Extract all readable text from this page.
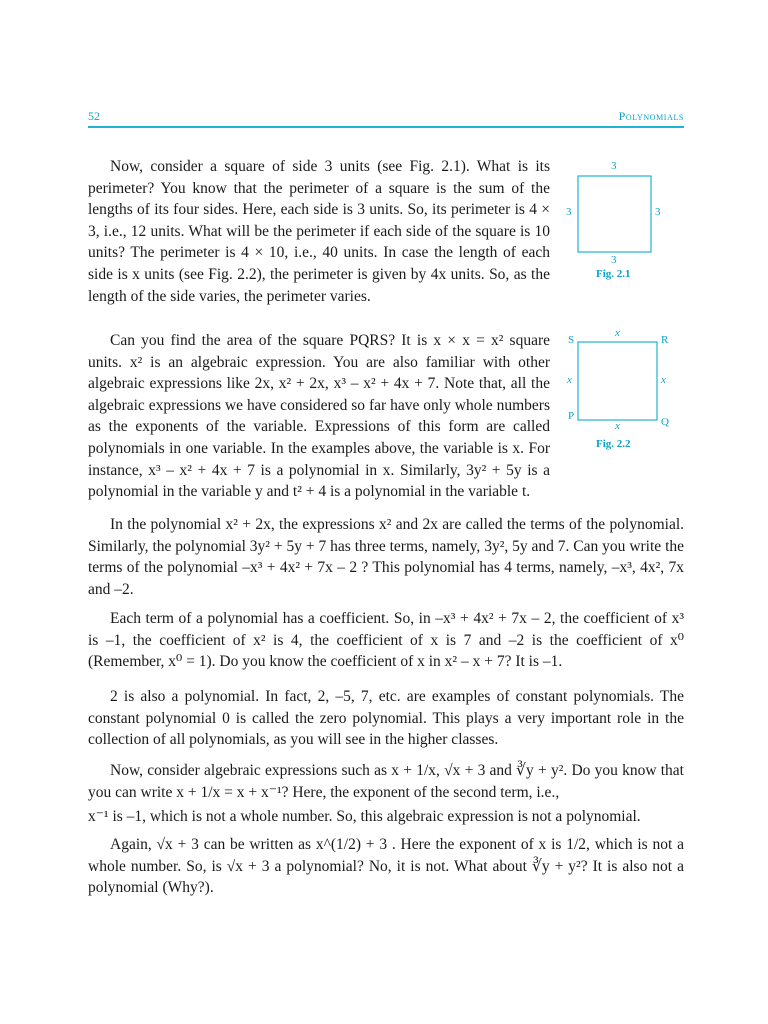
52	Polynomials
3
3	3
3
Fig. 2.1
S	R
P	Q
x
x	x
x
Fig. 2.2

Now, consider a square of side 3 units (see Fig. 2.1). What is its perimeter? You know that the perimeter of a square is the sum of the lengths of its four sides. Here, each side is 3 units. So, its perimeter is 4 × 3, i.e., 12 units. What will be the perimeter if each side of the square is 10 units? The perimeter is 4 × 10, i.e., 40 units. In case the length of each side is x units (see Fig. 2.2), the perimeter is given by 4x units. So, as the length of the side varies, the perimeter varies.

Can you find the area of the square PQRS? It is x × x = x² square units. x² is an algebraic expression. You are also familiar with other algebraic expressions like 2x, x² + 2x, x³ – x² + 4x + 7. Note that, all the algebraic expressions we have considered so far have only whole numbers as the exponents of the variable. Expressions of this form are called polynomials in one variable. In the examples above, the variable is x. For instance, x³ – x² + 4x + 7 is a polynomial in x. Similarly, 3y² + 5y is a polynomial in the variable y and t² + 4 is a polynomial in the variable t.

In the polynomial x² + 2x, the expressions x² and 2x are called the terms of the polynomial. Similarly, the polynomial 3y² + 5y + 7 has three terms, namely, 3y², 5y and 7. Can you write the terms of the polynomial –x³ + 4x² + 7x – 2 ? This polynomial has 4 terms, namely, –x³, 4x², 7x and –2.

Each term of a polynomial has a coefficient. So, in –x³ + 4x² + 7x – 2, the coefficient of x³ is –1, the coefficient of x² is 4, the coefficient of x is 7 and –2 is the coefficient of x⁰ (Remember, x⁰ = 1). Do you know the coefficient of x in x² – x + 7? It is –1.

2 is also a polynomial. In fact, 2, –5, 7, etc. are examples of constant polynomials. The constant polynomial 0 is called the zero polynomial. This plays a very important role in the collection of all polynomials, as you will see in the higher classes.

Now, consider algebraic expressions such as x + 1/x, √x + 3 and ∛y + y². Do you know that you can write x + 1/x = x + x⁻¹? Here, the exponent of the second term, i.e.,

x⁻¹ is –1, which is not a whole number. So, this algebraic expression is not a polynomial.

Again, √x + 3 can be written as x^(1/2) + 3 . Here the exponent of x is 1/2, which is not a whole number. So, is √x + 3 a polynomial? No, it is not. What about ∛y + y²? It is also not a polynomial (Why?).
